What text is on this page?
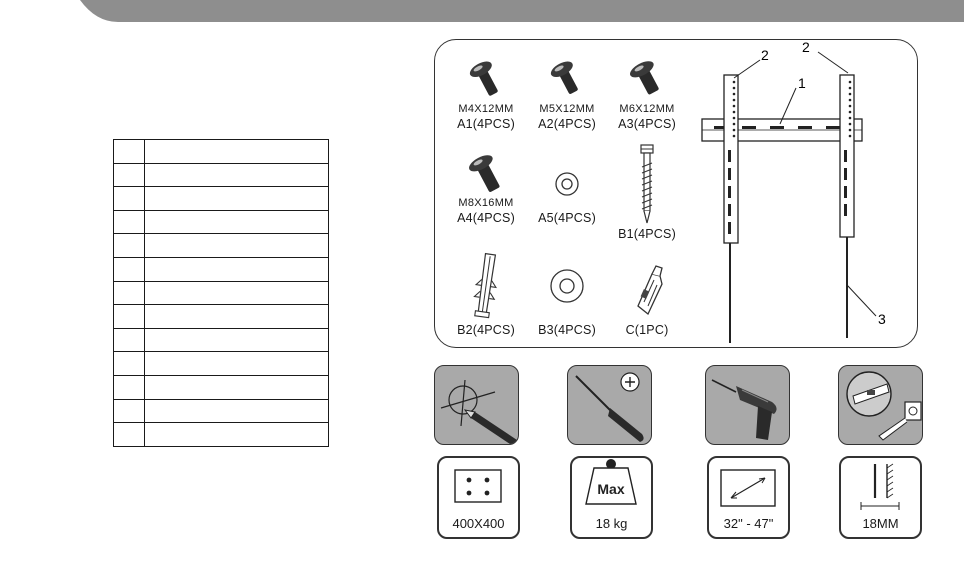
M4X12MM
A1(4PCS)
M5X12MM
A2(4PCS)
M6X12MM
A3(4PCS)
M8X16MM
A4(4PCS)	A5(4PCS)
B1(4PCS)
B2(4PCS)	B3(4PCS)	C(1PC)
2 2
1
3
400X400
Max
18 kg	32" - 47"	18MM
